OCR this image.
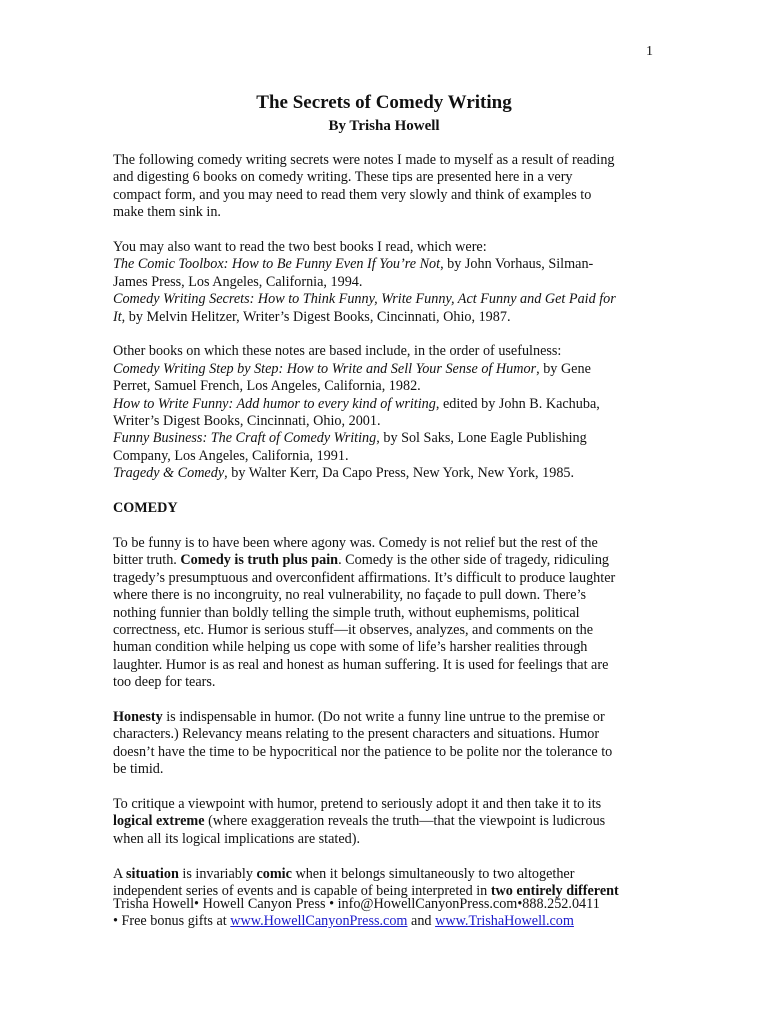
1
The Secrets of Comedy Writing
By Trisha Howell

The following comedy writing secrets were notes I made to myself as a result of reading
and digesting 6 books on comedy writing. These tips are presented here in a very
compact form, and you may need to read them very slowly and think of examples to
make them sink in.

You may also want to read the two best books I read, which were:
The Comic Toolbox: How to Be Funny Even If You’re Not, by John Vorhaus, Silman-
James Press, Los Angeles, California, 1994.
Comedy Writing Secrets: How to Think Funny, Write Funny, Act Funny and Get Paid for
It, by Melvin Helitzer, Writer’s Digest Books, Cincinnati, Ohio, 1987.

Other books on which these notes are based include, in the order of usefulness:
Comedy Writing Step by Step: How to Write and Sell Your Sense of Humor, by Gene
Perret, Samuel French, Los Angeles, California, 1982.
How to Write Funny: Add humor to every kind of writing, edited by John B. Kachuba,
Writer’s Digest Books, Cincinnati, Ohio, 2001.
Funny Business: The Craft of Comedy Writing, by Sol Saks, Lone Eagle Publishing
Company, Los Angeles, California, 1991.
Tragedy & Comedy, by Walter Kerr, Da Capo Press, New York, New York, 1985.

COMEDY

To be funny is to have been where agony was. Comedy is not relief but the rest of the
bitter truth. Comedy is truth plus pain. Comedy is the other side of tragedy, ridiculing
tragedy’s presumptuous and overconfident affirmations. It’s difficult to produce laughter
where there is no incongruity, no real vulnerability, no façade to pull down. There’s
nothing funnier than boldly telling the simple truth, without euphemisms, political
correctness, etc. Humor is serious stuff—it observes, analyzes, and comments on the
human condition while helping us cope with some of life’s harsher realities through
laughter. Humor is as real and honest as human suffering. It is used for feelings that are
too deep for tears.

Honesty is indispensable in humor. (Do not write a funny line untrue to the premise or
characters.) Relevancy means relating to the present characters and situations. Humor
doesn’t have the time to be hypocritical nor the patience to be polite nor the tolerance to
be timid.

To critique a viewpoint with humor, pretend to seriously adopt it and then take it to its
logical extreme (where exaggeration reveals the truth—that the viewpoint is ludicrous
when all its logical implications are stated).

A situation is invariably comic when it belongs simultaneously to two altogether
independent series of events and is capable of being interpreted in two entirely different

Trisha Howell• Howell Canyon Press • info@HowellCanyonPress.com•888.252.0411
• Free bonus gifts at www.HowellCanyonPress.com and www.TrishaHowell.com
